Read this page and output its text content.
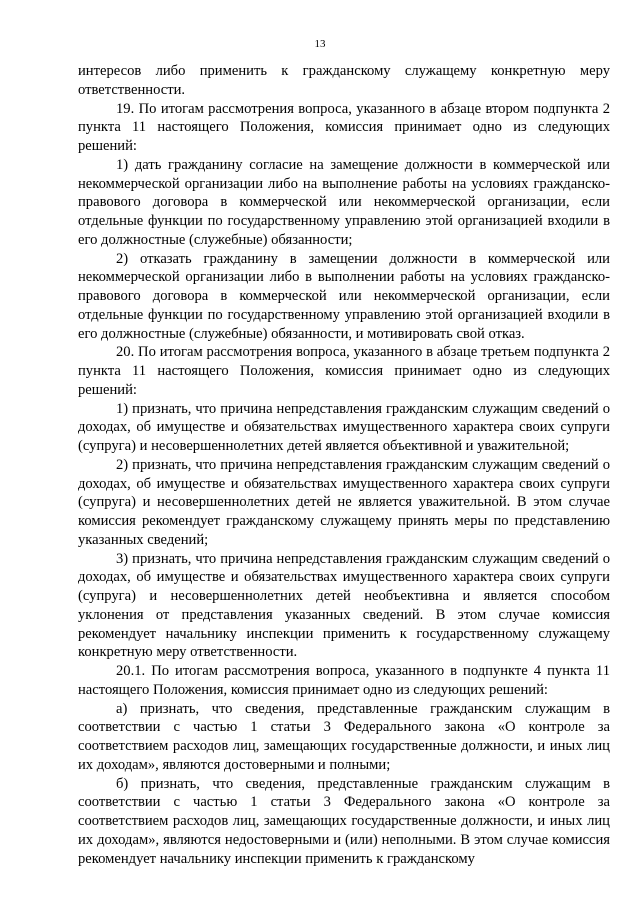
13

интересов либо применить к гражданскому служащему конкретную меру ответственности.

19. По итогам рассмотрения вопроса, указанного в абзаце втором подпункта 2 пункта 11 настоящего Положения, комиссия принимает одно из следующих решений:

1) дать гражданину согласие на замещение должности в коммерческой или некоммерческой организации либо на выполнение работы на условиях гражданско-правового договора в коммерческой или некоммерческой организации, если отдельные функции по государственному управлению этой организацией входили в его должностные (служебные) обязанности;

2) отказать гражданину в замещении должности в коммерческой или некоммерческой организации либо в выполнении работы на условиях гражданско-правового договора в коммерческой или некоммерческой организации, если отдельные функции по государственному управлению этой организацией входили в его должностные (служебные) обязанности, и мотивировать свой отказ.

20. По итогам рассмотрения вопроса, указанного в абзаце третьем подпункта 2 пункта 11 настоящего Положения, комиссия принимает одно из следующих решений:

1) признать, что причина непредставления гражданским служащим сведений о доходах, об имуществе и обязательствах имущественного характера своих супруги (супруга) и несовершеннолетних детей является объективной и уважительной;

2) признать, что причина непредставления гражданским служащим сведений о доходах, об имуществе и обязательствах имущественного характера своих супруги (супруга) и несовершеннолетних детей не является уважительной. В этом случае комиссия рекомендует гражданскому служащему принять меры по представлению указанных сведений;

3) признать, что причина непредставления гражданским служащим сведений о доходах, об имуществе и обязательствах имущественного характера своих супруги (супруга) и несовершеннолетних детей необъективна и является способом уклонения от представления указанных сведений. В этом случае комиссия рекомендует начальнику инспекции применить к государственному служащему конкретную меру ответственности.

20.1. По итогам рассмотрения вопроса, указанного в подпункте 4 пункта 11 настоящего Положения, комиссия принимает одно из следующих решений:

а) признать, что сведения, представленные гражданским служащим в соответствии с частью 1 статьи 3 Федерального закона «О контроле за соответствием расходов лиц, замещающих государственные должности, и иных лиц их доходам», являются достоверными и полными;

б) признать, что сведения, представленные гражданским служащим в соответствии с частью 1 статьи 3 Федерального закона «О контроле за соответствием расходов лиц, замещающих государственные должности, и иных лиц их доходам», являются недостоверными и (или) неполными. В этом случае комиссия рекомендует начальнику инспекции применить к гражданскому
